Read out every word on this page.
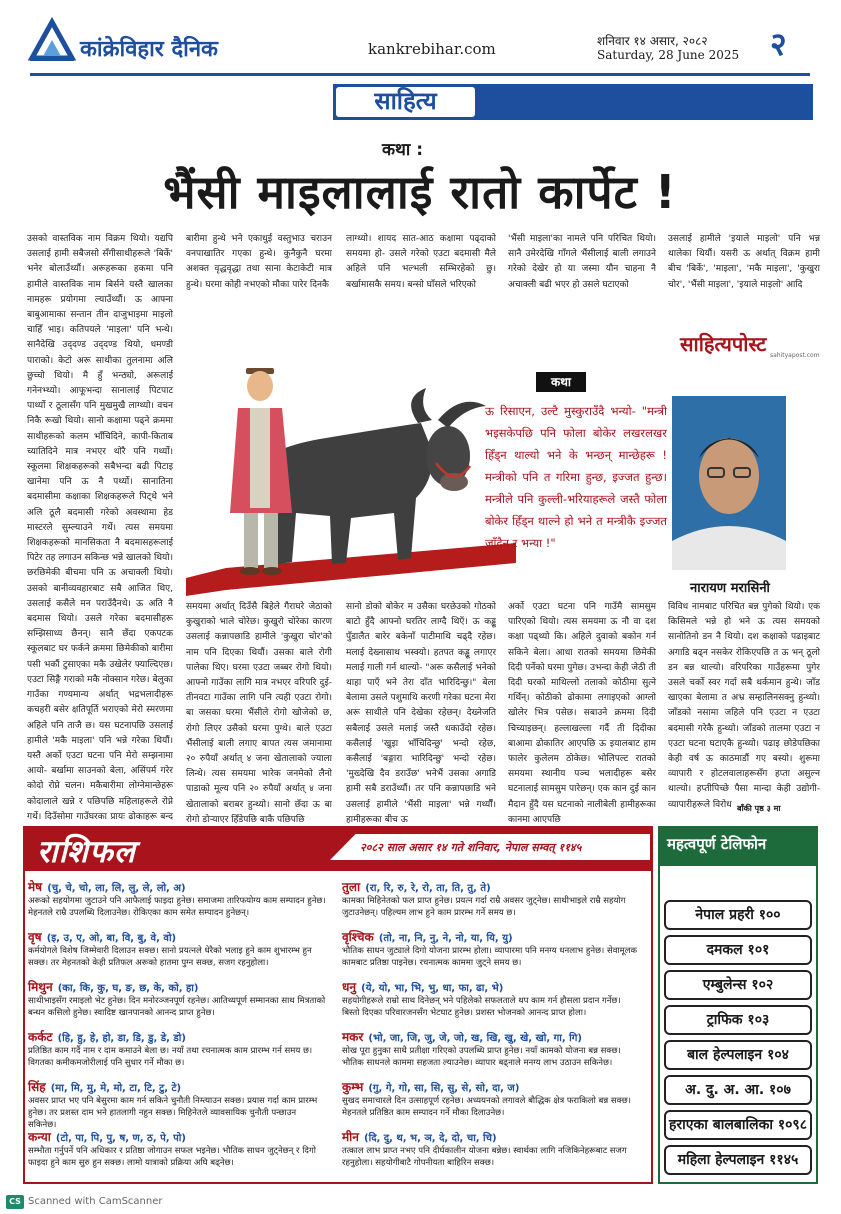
कांक्रेविहार दैनिक	kankrebihar.com	शनिवार १४ असार, २०८२
Saturday, 28 June 2025 २
साहित्य
कथा :
भैंसी माइलालाई रातो कार्पेट !
उसको वास्तविक नाम विक्रम थियो। यद्यपि उसलाई हामी सबैजसो सँगीसाथीहरूले 'बिर्के' भनेर बोलाउँथ्यौं। अरूहरूका हकमा पनि हामीले वास्तविक नाम बिर्सने यस्तै खालका नामहरू प्रयोगमा ल्याउँथ्यौं। ऊ आफ्ना बाबुआमाका सन्तान तीन दाजुभाइमा माइलो चाहिँ भाइ। कतिपयले 'माइला' पनि भन्थे। सानैदेखि उद्‌दण्ड उद्‌दण्ड थियो, धमण्डी पाराको। केटो अरू साथीका तुलनामा अलि छुच्चो थियो। मै हुँ भन्ठ्यो, अरूलाई गनेनभ्थ्यो। आफूभन्दा सानालाई पिटपाट पार्थ्यो र ठूलासँग पनि मुखमुखै लाग्थ्यो। वचन निकै रूखो थियो। सानो कक्षामा पढ्ने क्रममा साथीहरूको कलम भाँचिदिने, कापी-किताब च्यातिदिने मात्र नभएर थोरै पनि गर्थ्यो। स्कूलमा शिक्षकहरूको सबैभन्दा बढी पिटाइ खानेमा पनि ऊ नै पर्थ्यो। सानातिना बदमासीमा कक्षाका शिक्षकहरूले पिट्थे भने अलि ठूलै बदमासी गरेको अवस्थामा हेड मास्टरले सुम्ल्याउने गर्थे। त्यस समयमा शिक्षकहरूको मानसिकता नै बदमासहरूलाई पिटेर तह लगाउन सकिन्छ भन्ने खालको थियो। छरछिमेकी बीचमा पनि ऊ अचाक्ली थियो। उसको बानीव्यवहारबाट सबै आजित थिए, उसलाई कसैले मन पराउँदैनथे। ऊ अति नै बदमास थियो। उसले गरेका बदमासीहरू सम्झिसाध्य छैनन्। सानै छँदा एकपटक स्कूलबाट घर फर्कने क्रममा छिमेकीको बारीमा पसी भकौं टुसाएका मकै उखेलेर फ्याल्दिएछ। एउटा सिङ्गै गराको मकै नोक्सान गरेछ। बेलुका गाउँका गण्यमान्य अर्थात् भद्रभलादीहरू कचहरी बसेर क्षतिपूर्ति भराएको मेरो स्मरणमा अहिले पनि ताजै छ। यस घटनापछि उसलाई हामीले 'मकै माइला' पनि भन्ने गरेका थियौं। यस्तै अर्को एउटा घटना पनि मेरो सम्झनामा आयो- बर्खामा साउनको बेला, असिंपर्म गरेर कोदो रोप्ने चलन। मकैबारीमा लोग्नेमान्छेहरू कोदालाले खन्ने र पछिपछि महिलाहरूले रोप्ने गर्थे। दिउँसोमा गाउँघरका प्रायः ढोकाहरू बन्द
बारीमा हुन्थे भने एकाधुई वस्तुभाउ चराउन वनपाखातिर गएका हुन्थे। कुनैकुनै घरमा अशक्त वृद्धवृद्धा तथा साना केटाकेटी मात्र हुन्थे। घरमा कोही नभएको मौका पारेर दिनकै
लाग्थ्यो। शायद सात-आठ कक्षामा पढ्दाको समयमा हो- उसले गरेको एउटा बदमासी मैले अहिले पनि भल्भली सम्भिरहेको छु। बर्खामासकै समय। बन्सो घाँसले भरिएको
'भैंसी माइला'का नामले पनि परिचित थियो। सानै उमेरदेखि गाँगले भैंसीलाई बाली लगाउने गरेको देखेर हो या जस्मा यौन चाहना नै अचाक्ली बढी भएर हो उसले घटाएको
उसलाई हामीले 'इयाले माइलो' पनि भन्न थालेका थियौं। यसरी ऊ अर्थात् विक्रम हामी बीच 'बिर्के', 'माइला', 'मकै माइला', 'कुखुरा चोर', 'भैंसी माइला', 'इयाले माइलो' आदि
समयमा अर्थात् दिउँसै बिहेले गैराघरे जेठाको कुखुराको भाले चोरेछ। कुखुरो चोरेका कारण उसलाई कन्नापछाडि हामीले 'कुखुरा चोर'को नाम पनि दिएका थियौं। उसका बाले रोगी पालेका थिए। घरमा एउटा जब्बर रोगो थियो। आफ्नो गाउँका लागि मात्र नभएर वरिपरि दुई-तीनवटा गाउँका लागि पनि त्यही एउटा रोगो। बा जसका घरमा भैंसीले रोगो खोजेको छ, रोगो लिएर उसैको घरमा पुग्थे। बाले एउटा भैंसीलाई बाली लगाए बापत त्यस जमानामा २० रुपैयाँ अर्थात् ४ जना खेतालाको ज्याला लिन्थे। त्यस समयमा भारेक जनमेको लैनो पाडाको मूल्य पनि २० रुपैयाँ अर्थात् ४ जना खेतालाको बराबर हुन्थ्यो। सानो छँदा ऊ बा रोगो डोर्‍याएर हिँडेपछि बाकै पछिपछि
सानो डोको बोकेर म उसैका घरछेउको गोठको बाटो हुँदै आफ्नो घरतिर लाग्दै थिएँ। ऊ कड्ढू पुँडालैत बारेर बकेनाँ पाटीमाथि चढ्दै रहेछ। मलाई देख्नासाथ भस्क्यो। हतपत कड्ढू लगाएर मलाई गाली गर्न थाल्यो- "अरू कसैलाई भनेको थाहा पाएँ भने तेरा दाँत भारिदिन्छु।" बेला बेलामा उसले पशुमाथि करणी गरेका घटना मेरा अरू साथीले पनि देखेका रहेछन्। देख्नेजति सबैलाई उसले मलाई जस्तै धकाउँदो रहेछ। कसैलाई 'खुइा भाँचिदिन्छु' भन्दो रहेछ, कसैलाई 'बङ्गारा भारिदिन्छु' भन्दो रहेछ। 'मुख्देखि दैव डराउँछ' भनेभैं उसका अगाडि हामी सबै डराउँथ्यौं। तर पनि कन्नापछाडि भने उसलाई हामीले 'भैंसी माइला' भन्ने गर्थ्यौं। हामीहरूका बीच ऊ
अर्को एउटा घटना पनि गाउँमै सामसुम पारिएको थियो। त्यस समयमा ऊ नौ वा दश कक्षा पढ्थ्यो कि। अहिले दुवाको बकोन गर्न सकिने बेला। आधा रातको समयमा छिमेकी दिदी पर्नेको घरमा पुगेछ। उभन्दा केही जेठी ती दिदी घरको माथिल्लो तलाको कोठीमा सुत्ने गर्थिन्। कोठीको ढोकामा लगाइएको आग्लो खोलेर भित्र पसेछ। सबाउने क्रममा दिदी चिच्याइछन्। हल्लाखल्ला गर्दै ती दिदीका बाआमा ढोकातिर आएपछि ऊ इयालबाट हाम फालेर कुलेलम ठोकेछ। भोलिपल्ट रातको समयमा स्थानीय पञ्च भलादीहरू बसेर घटनालाई सामसुम पारेछन्। एक कान दुई कान मैदान हुँदै यस घटनाको नालीबेली हामीहरूका कानमा आएपछि
विविध नामबाट परिचित बन्न पुगेको थियो। एक किसिमले भन्ने हो भने ऊ त्यस समयको सानोतिनो डन नै थियो। दश कक्षाको पढाइबाट अगाडि बढ्न नसकेर रोकिएपछि त ऊ भन् ठूलो डन बन्न थाल्यो। वरिपरिका गाउँहरूमा पुगेर उसले चर्को स्वर गर्दा सबै थर्कमान हुन्थे। जाँड खाएका बेलामा त अभ्र सम्हालिनसक्नु हुन्थ्यो। जाँडको नसामा जहिले पनि एउटा न एउटा बदमासी गरेकै हुन्थ्यो। जाँडको तालमा एउटा न एउटा घटना घटाएकै हुन्थ्यो। पढाइ छोडेपछिका केही वर्ष ऊ काठमाडौं गए बस्यो। शुरूमा व्यापारी र होटलवालाहरूसँग हप्ता असुल्न थाल्यो। हप्तीपिच्छे पैसा मान्दा केही उद्योगी-व्यापारीहरूले विरोध
साहित्यपोस्ट sahityapost.com
कथा
ऊ रिसाएन, उल्टै मुस्कुराउँदै भन्यो- "मन्त्री भइसकेपछि पनि फोला बोकेर लखरलखर हिँड्न थाल्यो भने के भन्छन् मान्छेहरू ! मन्त्रीको पनि त गरिमा हुन्छ, इज्जत हुन्छ। मन्त्रीले पनि कुल्ली-भरियाहरूले जस्तै फोला बोकेर हिँड्न थाल्ने हो भने त मन्त्रीकै इज्जत जाँदैन र भन्या !"
नारायण मरासिनी
बाँकी पृष्ठ ३ मा
राशिफल	२०८२ साल असार १४ गते शनिवार, नेपाल सम्वत् ११४५
मेष (चु, चे, चो, ला, लि, लु, ले, लो, अ)
अरूको सहयोगमा जुटाउने पनि आफैलाई फाइदा हुनेछ। समाजमा तारिफयोग्य काम सम्पादन हुनेछ। मेहनतले राम्रै उपलब्धि दिलाउनेछ। रोकिएका काम समेत सम्पादन हुनेछन्।
वृष (इ, उ, ए, ओ, बा, वि, बु, वे, वो)
कर्मयोगले विशेष जिम्मेवारी दिलाउन सक्छ। सानो प्रयत्नले धेरैको भलाइ हुने काम शुभारम्भ हुन सक्छ। तर मेहनतको केही प्रतिफल अरूको हातमा पुग्न सक्छ, सजग रहनुहोला।
मिथुन (का, कि, कु, घ, ङ, छ, के, को, हा)
साथीभाइसँग रमाइलो भेट हुनेछ। दिन मनोरञ्जनपूर्ण रहनेछ। आतिथ्यपूर्ण सम्मानका साथ मित्रताको बन्धन कसिलो हुनेछ। स्वादिष्ट खानपानको आनन्द प्राप्त हुनेछ।
कर्कट (हि, हु, हे, हो, डा, डि, डु, डे, डो)
प्रतिष्ठित काम गर्दै नाम र दाम कमाउने बेला छ। नयाँ तथा रचनात्मक काम प्रारम्भ गर्न समय छ। विगतका कमीकमजोरीलाई पनि सुधार गर्ने मौका छ।
सिंह (मा, मि, मु, मे, मो, टा, टि, टु, टे)
अवसर प्राप्त भए पनि बेसुरमा काम गर्न सकिने चुनौती निम्त्याउन सक्छ। प्रयास गर्दा काम प्रारम्भ हुनेछ। तर प्रशस्त दाम भने हातलागी नहुन सक्छ। मिहिनेतले व्यावसायिक चुनौती पन्छाउन सकिनेछ।
कन्या (टो, पा, पि, पु, ष, ण, ठ, पे, पो)
सम्भौता गर्नुपर्ने पनि अधिकार र प्रतिष्ठा जोगाउन सफल भइनेछ। भौतिक साधन जुट्नेछन् र दिगो फाइदा हुने काम सुरु हुन सक्छ। लामो यात्राको प्रक्रिया अघि बढ्नेछ।
तुला (रा, रि, रु, रे, रो, ता, ति, तु, ते)
कामका मिहिनेतको फल प्राप्त हुनेछ। प्रयत्न गर्दा राम्रै अवसर जुट्नेछ। साथीभाइले राम्रै सहयोग जुटाउनेछन्। पहिल्यम लाभ हुने काम प्रारम्भ गर्ने समय छ।
वृश्चिक (तो, ना, नि, नु, ने, नो, या, यि, यु)
भौतिक साधन जुट्याले दिगो योजना प्रारम्भ होला। व्यापारमा पनि मनग्य धनलाभ हुनेछ। सेवामूलक कामबाट प्रतिष्ठा पाइनेछ। रचनात्मक काममा जुट्ने समय छ।
धनु (ये, यो, भा, भि, भु, धा, फा, ढा, भे)
सहयोगीहरूले राम्रो साथ दिनेछन् भने पहिलेको सफलताले थप काम गर्न हौसला प्रदान गर्नेछ। बिस्तो दिएका परिवारजनसँग भेटघाट हुनेछ। प्रशस्त भोजनको आनन्द प्राप्त होला।
मकर (भो, जा, जि, जु, जे, जो, ख, खि, खु, खे, खो, गा, गि)
सोख पूरा हुनुका साथै प्रतीक्षा गरिएको उपलब्धि प्राप्त हुनेछ। नयाँ कामको योजना बन्न सक्छ। भौतिक साधनले काममा सहजता ल्याउनेछ। व्यापार बढ्नाले मनग्य लाभ उठाउन सकिनेछ।
कुम्भ (गु, गे, गो, सा, सि, सु, से, सो, दा, ज)
सुखद समाचारले दिन उत्साहपूर्ण रहनेछ। अध्ययनको लगावले बौद्धिक क्षेत्र फराकिलो बन्न सक्छ। मेहनतले प्रतिष्ठित काम सम्पादन गर्ने मौका दिलाउनेछ।
मीन (दि, दु, थ, भ, ञ, दे, दो, चा, चि)
तत्काल लाभ प्राप्त नभए पनि दीर्घकालीन योजना बन्नेछ। स्वार्थका लागि नजिकिनेहरूबाट सजग रहनुहोला। सहयोगीबाटै गोपनीयता बाहिरिन सक्छ।
महत्वपूर्ण टेलिफोन
नेपाल प्रहरी १००
दमकल १०१
एम्बुलेन्स १०२
ट्राफिक १०३
बाल हेल्पलाइन १०४
अ. दु. अ. आ. १०७
हराएका बालबालिका १०९८
महिला हेल्पलाइन ११४५
CS Scanned with CamScanner
